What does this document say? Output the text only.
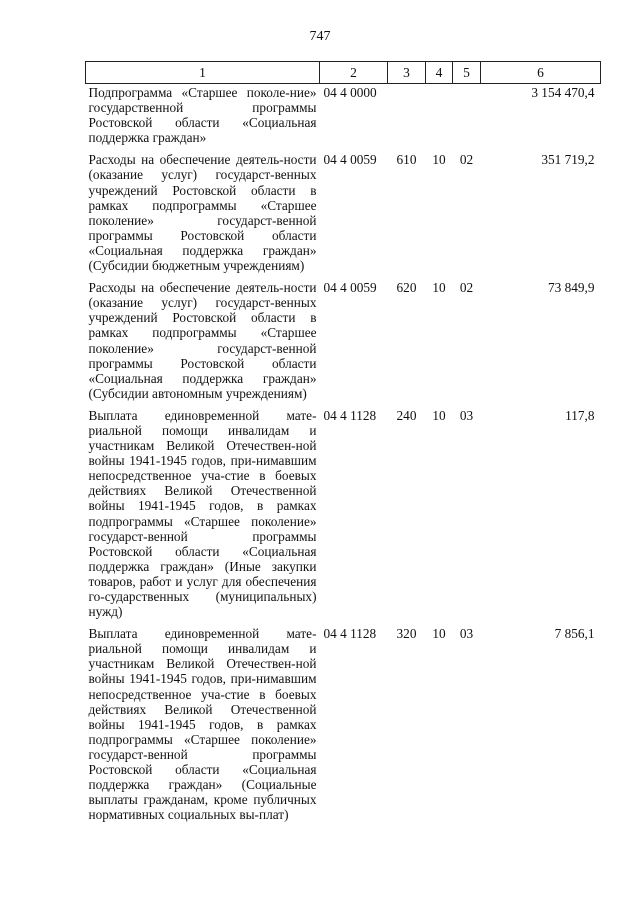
747
1	2	3	4	5	6
Подпрограмма «Старшее поколе-ние» государственной программы Ростовской области «Социальная поддержка граждан»	04 4 0000				3 154 470,4
Расходы на обеспечение деятель-ности (оказание услуг) государст-венных учреждений Ростовской области в рамках подпрограммы «Старшее поколение» государст-венной программы Ростовской области «Социальная поддержка граждан» (Субсидии бюджетным учреждениям)	04 4 0059	610	10	02	351 719,2
Расходы на обеспечение деятель-ности (оказание услуг) государст-венных учреждений Ростовской области в рамках подпрограммы «Старшее поколение» государст-венной программы Ростовской области «Социальная поддержка граждан» (Субсидии автономным учреждениям)	04 4 0059	620	10	02	73 849,9
Выплата единовременной мате-риальной помощи инвалидам и участникам Великой Отечествен-ной войны 1941-1945 годов, при-нимавшим непосредственное уча-стие в боевых действиях Великой Отечественной войны 1941-1945 годов, в рамках подпрограммы «Старшее поколение» государст-венной программы Ростовской области «Социальная поддержка граждан» (Иные закупки товаров, работ и услуг для обеспечения го-сударственных (муниципальных) нужд)	04 4 1128	240	10	03	117,8
Выплата единовременной мате-риальной помощи инвалидам и участникам Великой Отечествен-ной войны 1941-1945 годов, при-нимавшим непосредственное уча-стие в боевых действиях Великой Отечественной войны 1941-1945 годов, в рамках подпрограммы «Старшее поколение» государст-венной программы Ростовской области «Социальная поддержка граждан» (Социальные выплаты гражданам, кроме публичных нормативных социальных вы-плат)	04 4 1128	320	10	03	7 856,1
